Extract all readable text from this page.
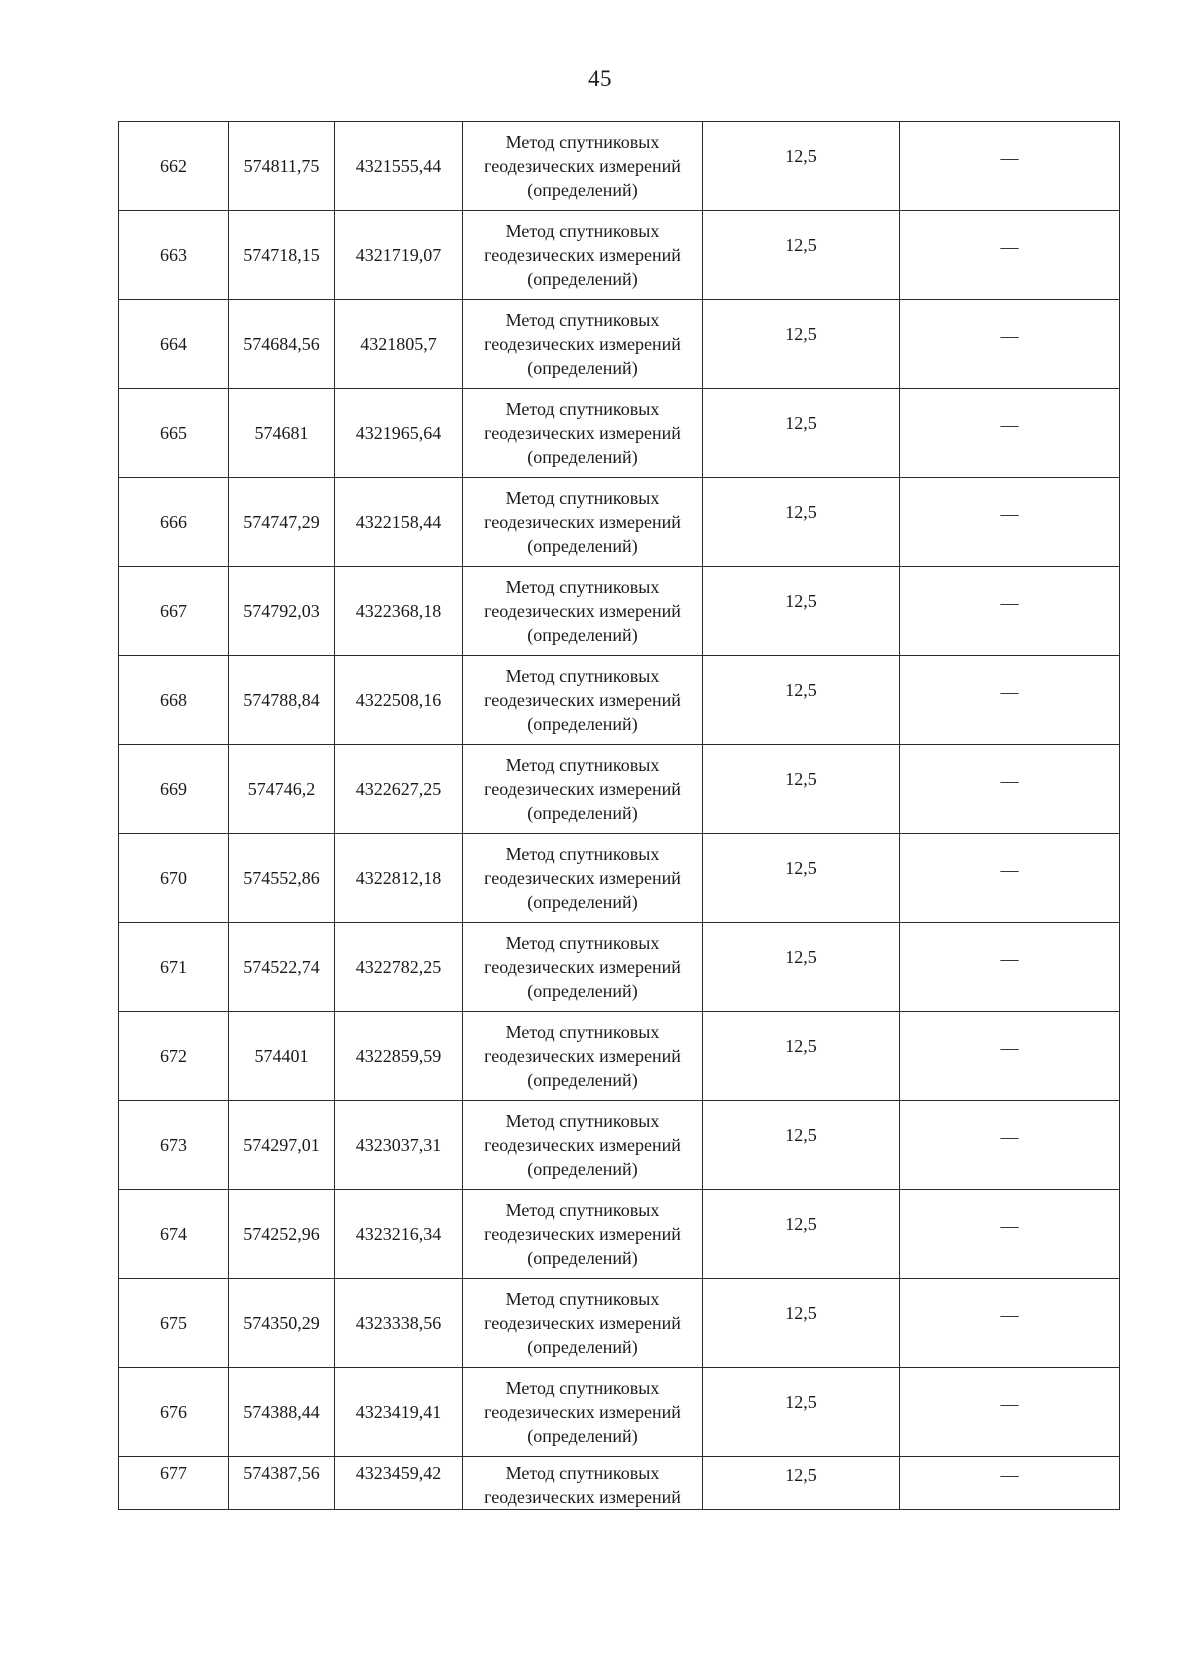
45
662	574811,75	4321555,44	Метод спутниковых
геодезических измерений
(определений)	12,5	—
663	574718,15	4321719,07	Метод спутниковых
геодезических измерений
(определений)	12,5	—
664	574684,56	4321805,7	Метод спутниковых
геодезических измерений
(определений)	12,5	—
665	574681	4321965,64	Метод спутниковых
геодезических измерений
(определений)	12,5	—
666	574747,29	4322158,44	Метод спутниковых
геодезических измерений
(определений)	12,5	—
667	574792,03	4322368,18	Метод спутниковых
геодезических измерений
(определений)	12,5	—
668	574788,84	4322508,16	Метод спутниковых
геодезических измерений
(определений)	12,5	—
669	574746,2	4322627,25	Метод спутниковых
геодезических измерений
(определений)	12,5	—
670	574552,86	4322812,18	Метод спутниковых
геодезических измерений
(определений)	12,5	—
671	574522,74	4322782,25	Метод спутниковых
геодезических измерений
(определений)	12,5	—
672	574401	4322859,59	Метод спутниковых
геодезических измерений
(определений)	12,5	—
673	574297,01	4323037,31	Метод спутниковых
геодезических измерений
(определений)	12,5	—
674	574252,96	4323216,34	Метод спутниковых
геодезических измерений
(определений)	12,5	—
675	574350,29	4323338,56	Метод спутниковых
геодезических измерений
(определений)	12,5	—
676	574388,44	4323419,41	Метод спутниковых
геодезических измерений
(определений)	12,5	—
677	574387,56	4323459,42	Метод спутниковых
геодезических измерений	12,5	—
